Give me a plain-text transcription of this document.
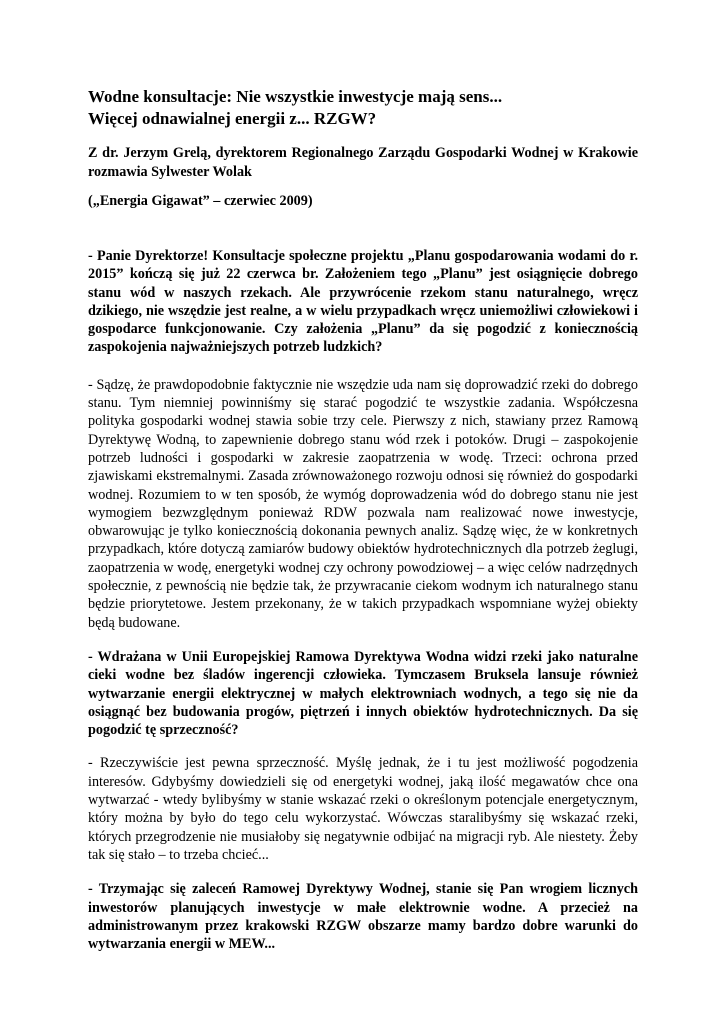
Wodne konsultacje: Nie wszystkie inwestycje mają sens...
Więcej odnawialnej energii z... RZGW?

Z dr. Jerzym Grelą, dyrektorem Regionalnego Zarządu Gospodarki Wodnej w Krakowie rozmawia Sylwester Wolak

(„Energia Gigawat” – czerwiec 2009)

- Panie Dyrektorze! Konsultacje społeczne projektu „Planu gospodarowania wodami do r. 2015” kończą się już 22 czerwca br. Założeniem tego „Planu” jest osiągnięcie dobrego stanu wód w naszych rzekach. Ale przywrócenie rzekom stanu naturalnego, wręcz dzikiego, nie wszędzie jest realne, a w wielu przypadkach wręcz uniemożliwi człowiekowi i gospodarce funkcjonowanie. Czy założenia „Planu” da się pogodzić z koniecznością zaspokojenia najważniejszych potrzeb ludzkich?

- Sądzę, że prawdopodobnie faktycznie nie wszędzie uda nam się doprowadzić rzeki do dobrego stanu. Tym niemniej powinniśmy się starać pogodzić te wszystkie zadania. Współczesna polityka gospodarki wodnej stawia sobie trzy cele. Pierwszy z nich, stawiany przez Ramową Dyrektywę Wodną, to zapewnienie dobrego stanu wód rzek i potoków. Drugi – zaspokojenie potrzeb ludności i gospodarki w zakresie zaopatrzenia w wodę. Trzeci: ochrona przed zjawiskami ekstremalnymi. Zasada zrównoważonego rozwoju odnosi się również do gospodarki wodnej. Rozumiem to w ten sposób, że wymóg doprowadzenia wód do dobrego stanu nie jest wymogiem bezwzględnym ponieważ RDW pozwala nam realizować nowe inwestycje, obwarowując je tylko koniecznością dokonania pewnych analiz. Sądzę więc, że w konkretnych przypadkach, które dotyczą zamiarów budowy obiektów hydrotechnicznych dla potrzeb żeglugi, zaopatrzenia w wodę, energetyki wodnej czy ochrony powodziowej – a więc celów nadrzędnych społecznie, z pewnością nie będzie tak, że przywracanie ciekom wodnym ich naturalnego stanu będzie priorytetowe. Jestem przekonany, że w takich przypadkach wspomniane wyżej obiekty będą budowane.

- Wdrażana w Unii Europejskiej Ramowa Dyrektywa Wodna widzi rzeki jako naturalne cieki wodne bez śladów ingerencji człowieka. Tymczasem Bruksela lansuje również wytwarzanie energii elektrycznej w małych elektrowniach wodnych, a tego się nie da osiągnąć bez budowania progów, piętrzeń i innych obiektów hydrotechnicznych. Da się pogodzić tę sprzeczność?

- Rzeczywiście jest pewna sprzeczność. Myślę jednak, że i tu jest możliwość pogodzenia interesów. Gdybyśmy dowiedzieli się od energetyki wodnej, jaką ilość megawatów chce ona wytwarzać - wtedy bylibyśmy w stanie wskazać rzeki o określonym potencjale energetycznym, który można by było do tego celu wykorzystać. Wówczas staralibyśmy się wskazać rzeki, których przegrodzenie nie musiałoby się negatywnie odbijać na migracji ryb. Ale niestety. Żeby tak się stało – to trzeba chcieć...

- Trzymając się zaleceń Ramowej Dyrektywy Wodnej, stanie się Pan wrogiem licznych inwestorów planujących inwestycje w małe elektrownie wodne. A przecież na administrowanym przez krakowski RZGW obszarze mamy bardzo dobre warunki do wytwarzania energii w MEW...
